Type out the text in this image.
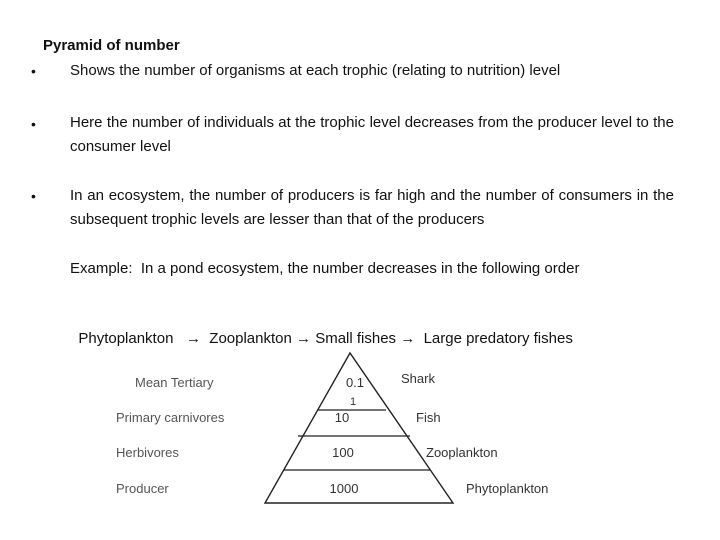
Pyramid of number
• Shows the number of organisms at each trophic (relating to nutrition) level
• Here the number of individuals at the trophic level decreases from the producer level to the consumer level
• In an ecosystem, the number of producers is far high and the number of consumers in the subsequent trophic levels are lesser than that of the producers
Example:  In a pond ecosystem, the number decreases in the following order

Phytoplankton → Zooplankton → Small fishes → Large predatory fishes

Mean Tertiary
Primary carnivores
Herbivores
Producer
0.1
1
10
100
1000
Shark
Fish
Zooplankton
Phytoplankton
